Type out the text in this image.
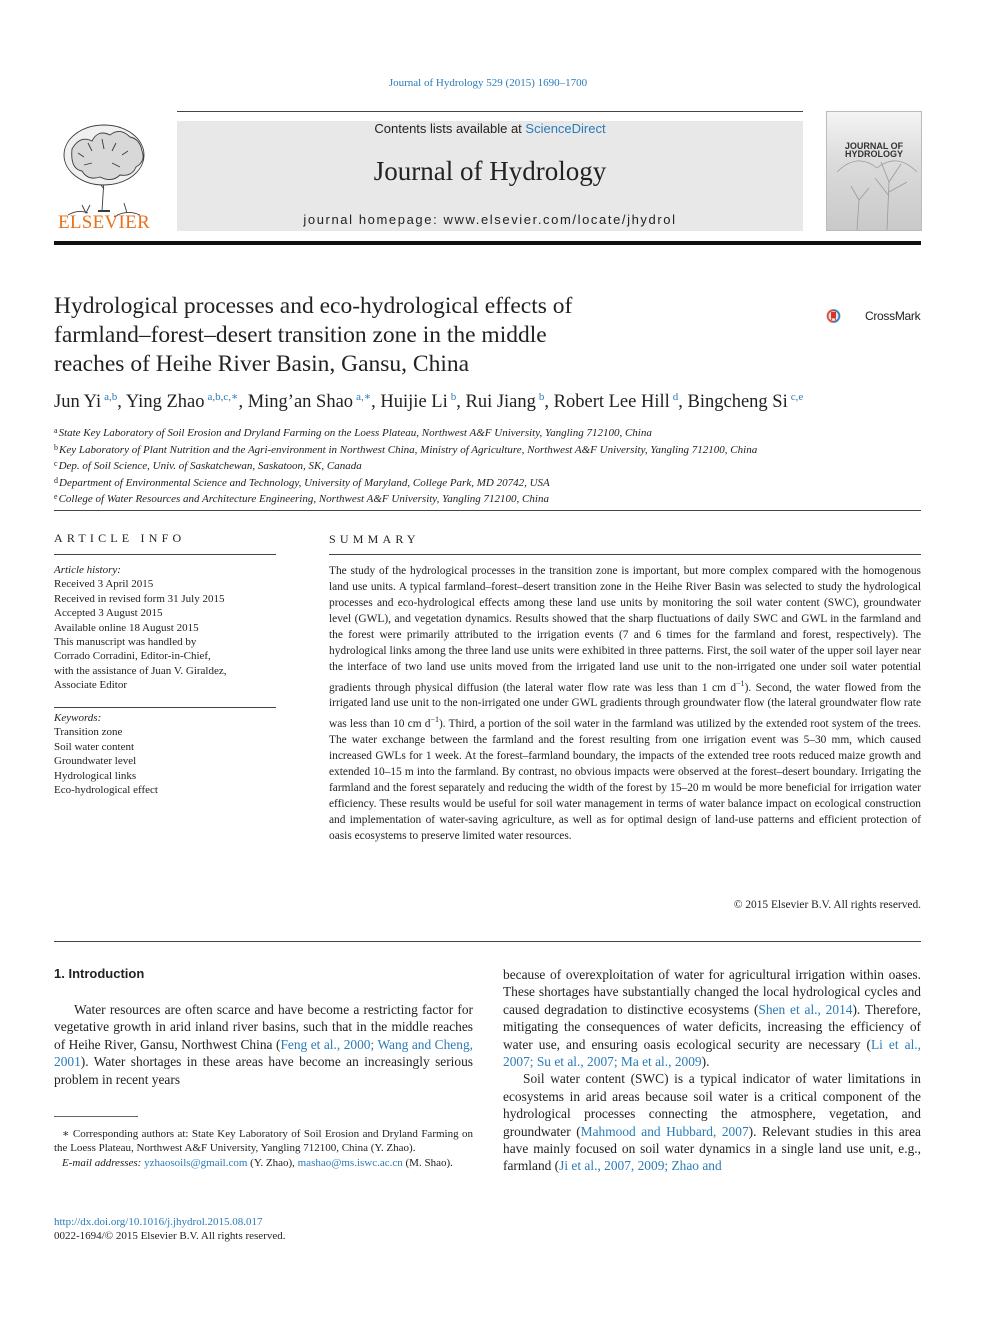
Journal of Hydrology 529 (2015) 1690–1700
ELSEVIER
Contents lists available at ScienceDirect
Journal of Hydrology
journal homepage: www.elsevier.com/locate/jhydrol
JOURNAL OF
HYDROLOGY
Hydrological processes and eco-hydrological effects of
farmland–forest–desert transition zone in the middle
reaches of Heihe River Basin, Gansu, China
CrossMark
Jun Yi $^{a,b}$, Ying Zhao $^{a,b,c,∗}$, Ming’an Shao $^{a,∗}$, Huijie Li $^b$, Rui Jiang $^b$, Robert Lee Hill $^d$, Bingcheng Si $^{c,e}$
$^a$State Key Laboratory of Soil Erosion and Dryland Farming on the Loess Plateau, Northwest A&F University, Yangling 712100, China
$^b$Key Laboratory of Plant Nutrition and the Agri-environment in Northwest China, Ministry of Agriculture, Northwest A&F University, Yangling 712100, China
$^c$Dep. of Soil Science, Univ. of Saskatchewan, Saskatoon, SK, Canada
$^d$Department of Environmental Science and Technology, University of Maryland, College Park, MD 20742, USA
$^e$College of Water Resources and Architecture Engineering, Northwest A&F University, Yangling 712100, China
ARTICLE INFO
Article history:
Received 3 April 2015
Received in revised form 31 July 2015
Accepted 3 August 2015
Available online 18 August 2015
This manuscript was handled by
Corrado Corradini, Editor-in-Chief,
with the assistance of Juan V. Giraldez,
Associate Editor
Keywords:
Transition zone
Soil water content
Groundwater level
Hydrological links
Eco-hydrological effect
SUMMARY
The study of the hydrological processes in the transition zone is important, but more complex compared with the homogenous land use units. A typical farmland–forest–desert transition zone in the Heihe River Basin was selected to study the hydrological processes and eco-hydrological effects among these land use units by monitoring the soil water content (SWC), groundwater level (GWL), and vegetation dynamics. Results showed that the sharp fluctuations of daily SWC and GWL in the farmland and the forest were primarily attributed to the irrigation events (7 and 6 times for the farmland and forest, respectively). The hydrological links among the three land use units were exhibited in three patterns. First, the soil water of the upper soil layer near the interface of two land use units moved from the irrigated land use unit to the non-irrigated one under soil water potential gradients through physical diffusion (the lateral water flow rate was less than 1 cm $d^{-1}$). Second, the water flowed from the irrigated land use unit to the non-irrigated one under GWL gradients through groundwater flow (the lateral groundwater flow rate was less than 10 cm $d^{-1}$). Third, a portion of the soil water in the farmland was utilized by the extended root system of the trees. The water exchange between the farmland and the forest resulting from one irrigation event was 5–30 mm, which caused increased GWLs for 1 week. At the forest–farmland boundary, the impacts of the extended tree roots reduced maize growth and extended 10–15 m into the farmland. By contrast, no obvious impacts were observed at the forest–desert boundary. Irrigating the farmland and the forest separately and reducing the width of the forest by 15–20 m would be more beneficial for irrigation water efficiency. These results would be useful for soil water management in terms of water balance impact on ecological construction and implementation of water-saving agriculture, as well as for optimal design of land-use patterns and efficient protection of oasis ecosystems to preserve limited water resources.
© 2015 Elsevier B.V. All rights reserved.
1. Introduction

Water resources are often scarce and have become a restricting factor for vegetative growth in arid inland river basins, such that in the middle reaches of Heihe River, Gansu, Northwest China (Feng et al., 2000; Wang and Cheng, 2001). Water shortages in these areas have become an increasingly serious problem in recent years

because of overexploitation of water for agricultural irrigation within oases. These shortages have substantially changed the local hydrological cycles and caused degradation to distinctive ecosystems (Shen et al., 2014). Therefore, mitigating the consequences of water deficits, increasing the efficiency of water use, and ensuring oasis ecological security are necessary (Li et al., 2007; Su et al., 2007; Ma et al., 2009).

Soil water content (SWC) is a typical indicator of water limitations in ecosystems in arid areas because soil water is a critical component of the hydrological processes connecting the atmosphere, vegetation, and groundwater (Mahmood and Hubbard, 2007). Relevant studies in this area have mainly focused on soil water dynamics in a single land use unit, e.g., farmland (Ji et al., 2007, 2009; Zhao and

∗ Corresponding authors at: State Key Laboratory of Soil Erosion and Dryland Farming on the Loess Plateau, Northwest A&F University, Yangling 712100, China (Y. Zhao).
E-mail addresses: yzhaosoils@gmail.com (Y. Zhao), mashao@ms.iswc.ac.cn (M. Shao).
http://dx.doi.org/10.1016/j.jhydrol.2015.08.017
0022-1694/© 2015 Elsevier B.V. All rights reserved.
